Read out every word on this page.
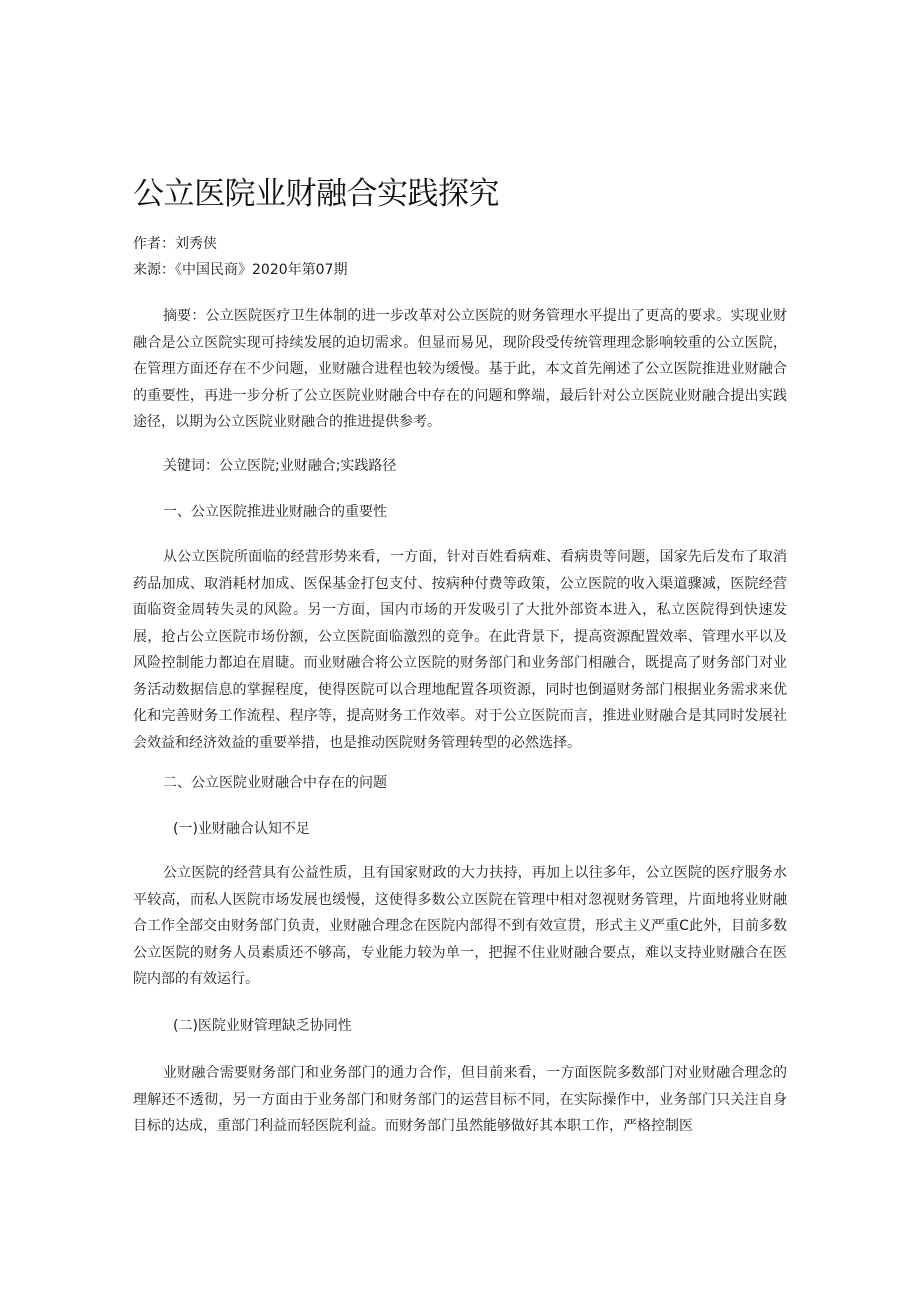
公立医院业财融合实践探究

作者：刘秀侠

来源：《中国民商》2020年第07期

摘要：公立医院医疗卫生体制的进一步改革对公立医院的财务管理水平提出了更高的要求。实现业财融合是公立医院实现可持续发展的迫切需求。但显而易见，现阶段受传统管理理念影响较重的公立医院，在管理方面还存在不少问题，业财融合进程也较为缓慢。基于此，本文首先阐述了公立医院推进业财融合的重要性，再进一步分析了公立医院业财融合中存在的问题和弊端，最后针对公立医院业财融合提出实践途径，以期为公立医院业财融合的推进提供参考。

关键词：公立医院;业财融合;实践路径

一、公立医院推进业财融合的重要性

从公立医院所面临的经营形势来看，一方面，针对百姓看病难、看病贵等问题，国家先后发布了取消药品加成、取消耗材加成、医保基金打包支付、按病种付费等政策，公立医院的收入渠道骤减，医院经营面临资金周转失灵的风险。另一方面，国内市场的开发吸引了大批外部资本进入，私立医院得到快速发展，抢占公立医院市场份额，公立医院面临激烈的竞争。在此背景下，提高资源配置效率、管理水平以及风险控制能力都迫在眉睫。而业财融合将公立医院的财务部门和业务部门相融合，既提高了财务部门对业务活动数据信息的掌握程度，使得医院可以合理地配置各项资源，同时也倒逼财务部门根据业务需求来优化和完善财务工作流程、程序等，提高财务工作效率。对于公立医院而言，推进业财融合是其同时发展社会效益和经济效益的重要举措，也是推动医院财务管理转型的必然选择。

二、公立医院业财融合中存在的问题

(一)业财融合认知不足

公立医院的经营具有公益性质，且有国家财政的大力扶持，再加上以往多年，公立医院的医疗服务水平较高，而私人医院市场发展也缓慢，这使得多数公立医院在管理中相对忽视财务管理，片面地将业财融合工作全部交由财务部门负责，业财融合理念在医院内部得不到有效宣贯，形式主义严重C此外，目前多数公立医院的财务人员素质还不够高，专业能力较为单一，把握不住业财融合要点，难以支持业财融合在医院内部的有效运行。

(二)医院业财管理缺乏协同性

业财融合需要财务部门和业务部门的通力合作，但目前来看，一方面医院多数部门对业财融合理念的理解还不透彻，另一方面由于业务部门和财务部门的运营目标不同，在实际操作中，业务部门只关注自身目标的达成，重部门利益而轻医院利益。而财务部门虽然能够做好其本职工作，严格控制医
